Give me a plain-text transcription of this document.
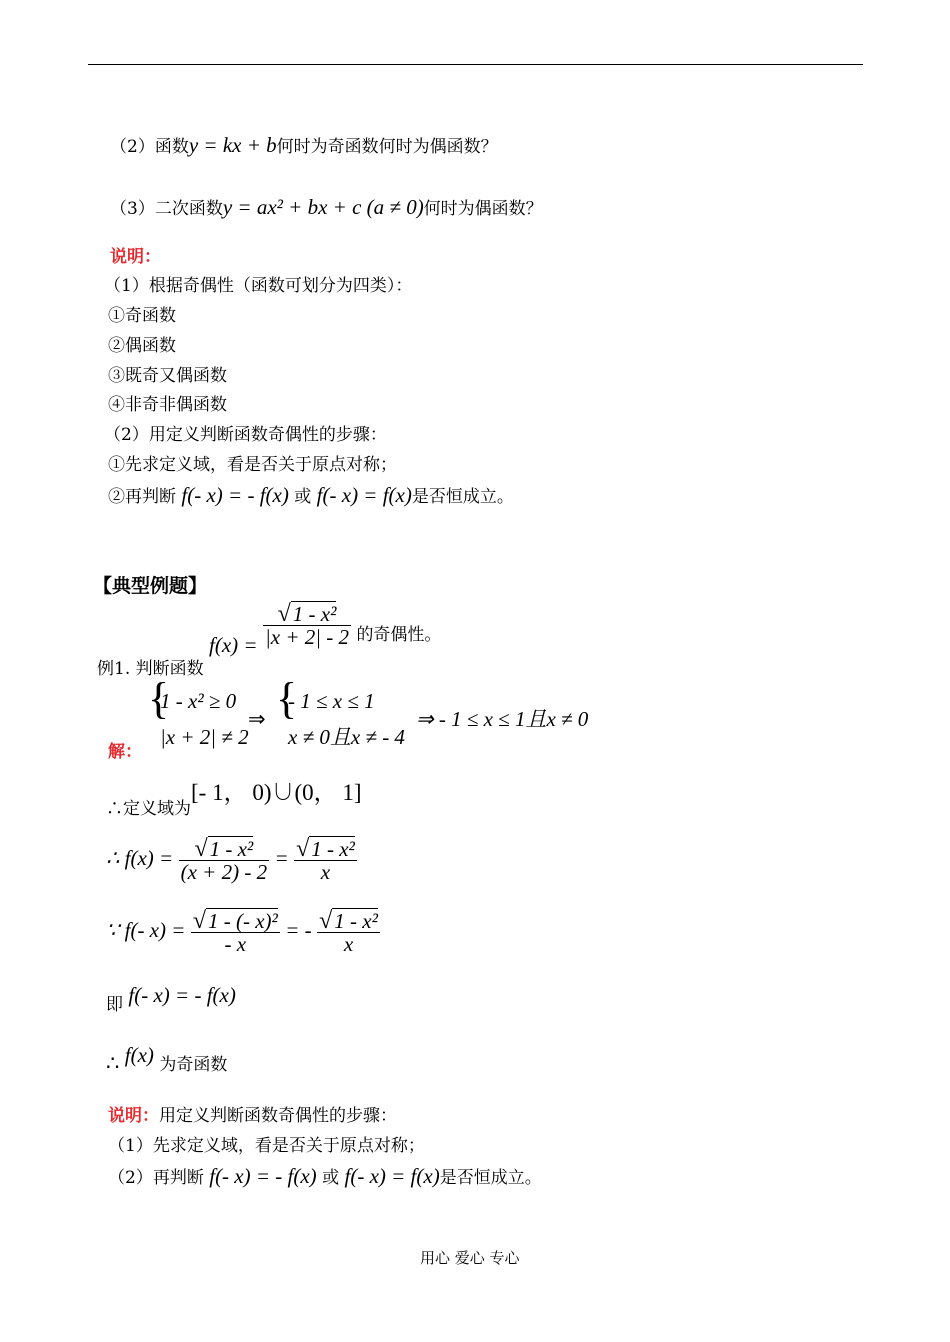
（2）函数y = kx + b何时为奇函数何时为偶函数？
（3）二次函数y = ax² + bx + c (a ≠ 0)何时为偶函数？
说明：
（1）根据奇偶性（函数可划分为四类）：
①奇函数
②偶函数
③既奇又偶函数
④非奇非偶函数
（2）用定义判断函数奇偶性的步骤：
①先求定义域，看是否关于原点对称；
②再判断 f(- x) = - f(x) 或 f(- x) = f(x)是否恒成立。
【典型例题】
例1. 判断函数 $f(x) = \frac{\text{√1 - x²}}{|x + 2| - 2}$ 的奇偶性。
解：
{
1 - x² ≥ 0
|x + 2| ≠ 2
⇒ {
- 1 ≤ x ≤ 1
x ≠ 0且x ≠ - 4
⇒ - 1 ≤ x ≤ 1且x ≠ 0
∴定义域为[- 1， 0)∪(0， 1]
∴ $f(x) = \frac{\text{√1 - x²}}{(x + 2) - 2} = \frac{\text{√1 - x²}}{x}$
∵ f(- $x) = \frac{\text{√1 - (- x)²}}{- x}$ = - $\frac{\text{√1 - x²}}{x}$
即 f(- x) = - f(x)
∴ f(x) 为奇函数
说明：用定义判断函数奇偶性的步骤：
（1）先求定义域，看是否关于原点对称；
（2）再判断 f(- x) = - f(x) 或 f(- x) = f(x)是否恒成立。
用心 爱心 专心
